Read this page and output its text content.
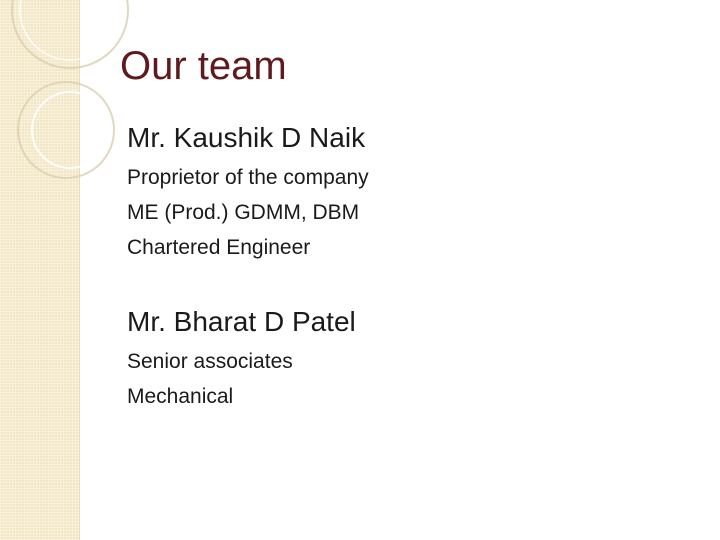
Our team
Mr. Kaushik D Naik
Proprietor of the company
ME (Prod.) GDMM, DBM
Chartered Engineer
Mr. Bharat D Patel
Senior associates
Mechanical
